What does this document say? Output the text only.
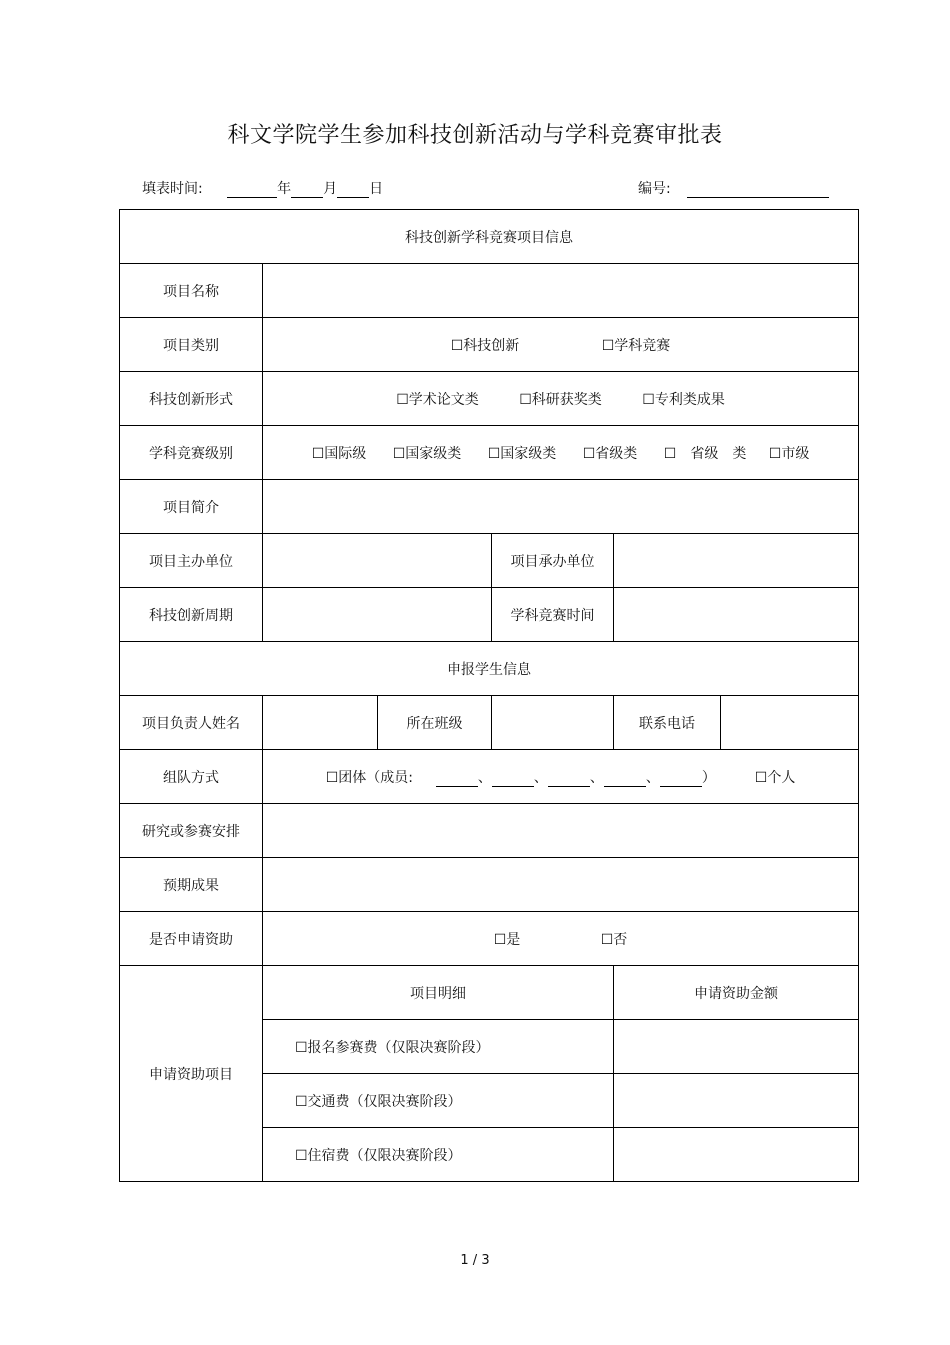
科文学院学生参加科技创新活动与学科竞赛审批表
填表时间:	年 月 日	编号:
科技创新学科竞赛项目信息					
项目名称					
项目类别	☐科技创新 ☐学科竞赛				
科技创新形式	☐学术论文类 ☐科研获奖类 ☐专利类成果				
学科竞赛级别	☐国际级 ☐国家级类 ☐国家级类 ☐省级类 ☐　省级　类 ☐市级				
项目简介					
项目主办单位			项目承办单位		
科技创新周期			学科竞赛时间		
申报学生信息					
项目负责人姓名		所在班级		联系电话	
组队方式	☐团体（成员: 、 、 、 、 ） ☐个人				
研究或参赛安排					
预期成果					
是否申请资助	☐是 ☐否				
申请资助项目	项目明细			申请资助金额	
	☐报名参赛费（仅限决赛阶段）				
	☐交通费（仅限决赛阶段）				
	☐住宿费（仅限决赛阶段）				
1 / 3
